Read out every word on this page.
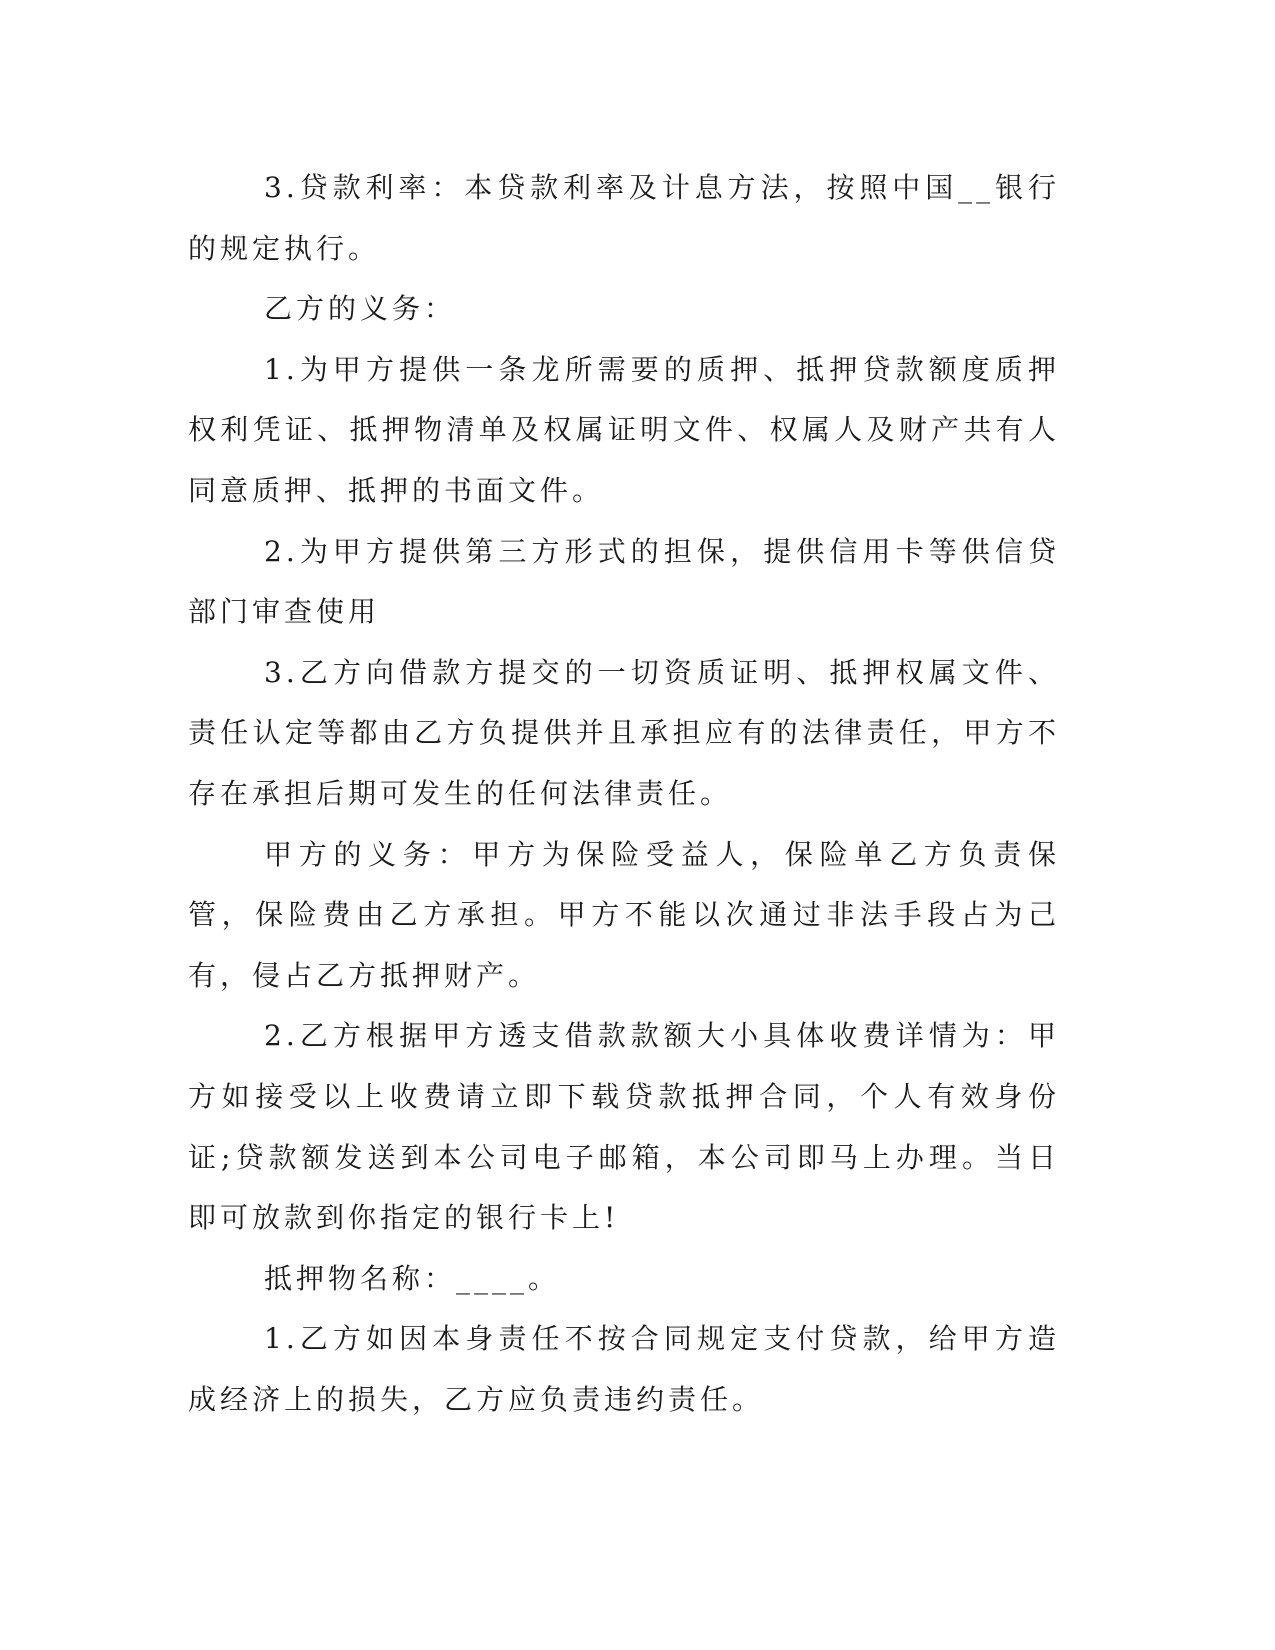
3.贷款利率：本贷款利率及计息方法，按照中国__银行的规定执行。

乙方的义务：

1.为甲方提供一条龙所需要的质押、抵押贷款额度质押权利凭证、抵押物清单及权属证明文件、权属人及财产共有人同意质押、抵押的书面文件。

2.为甲方提供第三方形式的担保，提供信用卡等供信贷部门审查使用

3.乙方向借款方提交的一切资质证明、抵押权属文件、责任认定等都由乙方负提供并且承担应有的法律责任，甲方不存在承担后期可发生的任何法律责任。

甲方的义务：甲方为保险受益人，保险单乙方负责保管，保险费由乙方承担。甲方不能以次通过非法手段占为己有，侵占乙方抵押财产。

2.乙方根据甲方透支借款款额大小具体收费详情为：甲方如接受以上收费请立即下载贷款抵押合同，个人有效身份证;贷款额发送到本公司电子邮箱，本公司即马上办理。当日即可放款到你指定的银行卡上!

抵押物名称：____。

1.乙方如因本身责任不按合同规定支付贷款，给甲方造成经济上的损失，乙方应负责违约责任。
